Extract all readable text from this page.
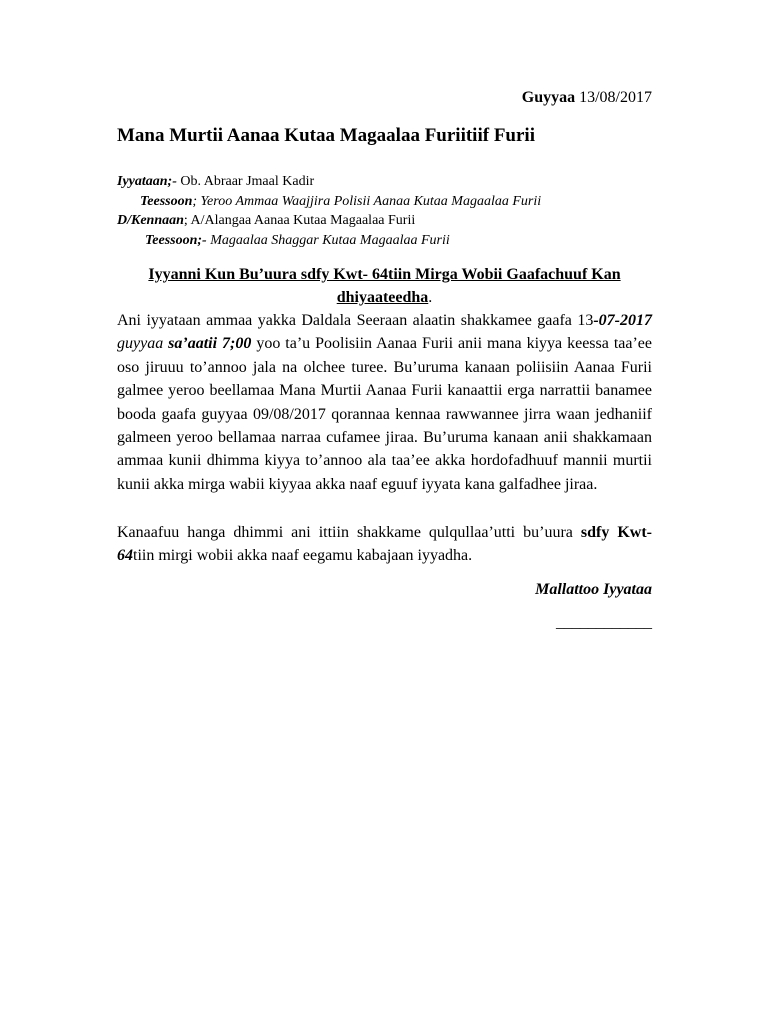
Guyyaa 13/08/2017
Mana Murtii Aanaa Kutaa Magaalaa Furiitiif Furii
Iyyataan;- Ob. Abraar Jmaal Kadir
Teessoon; Yeroo Ammaa Waajjira Polisii Aanaa Kutaa Magaalaa Furii
D/Kennaan; A/Alangaa Aanaa Kutaa Magaalaa Furii
Teessoon;- Magaalaa Shaggar Kutaa Magaalaa Furii
Iyyanni Kun Bu’uura sdfy Kwt- 64tiin Mirga Wobii Gaafachuuf Kan dhiyaateedha.
Ani iyyataan ammaa yakka Daldala Seeraan alaatin shakkamee gaafa 13-07-2017 guyyaa sa’aatii 7;00 yoo ta’u Poolisiin Aanaa Furii anii mana kiyya keessa taa’ee oso jiruuu to’annoo jala na olchee turee. Bu’uruma kanaan poliisiin Aanaa Furii galmee yeroo beellamaa Mana Murtii Aanaa Furii kanaattii erga narrattii banamee booda gaafa guyyaa 09/08/2017 qorannaa kennaa rawwannee jirra waan jedhaniif galmeen yeroo bellamaa narraa cufamee jiraa. Bu’uruma kanaan anii shakkamaan ammaa kunii dhimma kiyya to’annoo ala taa’ee akka hordofadhuuf mannii murtii kunii akka mirga wabii kiyyaa akka naaf eguuf iyyata kana galfadhee jiraa.
Kanaafuu hanga dhimmi ani ittiin shakkame qulqullaa’utti bu’uura sdfy Kwt- 64tiin mirgi wobii akka naaf eegamu kabajaan iyyadha.
Mallattoo Iyyataa
____________
